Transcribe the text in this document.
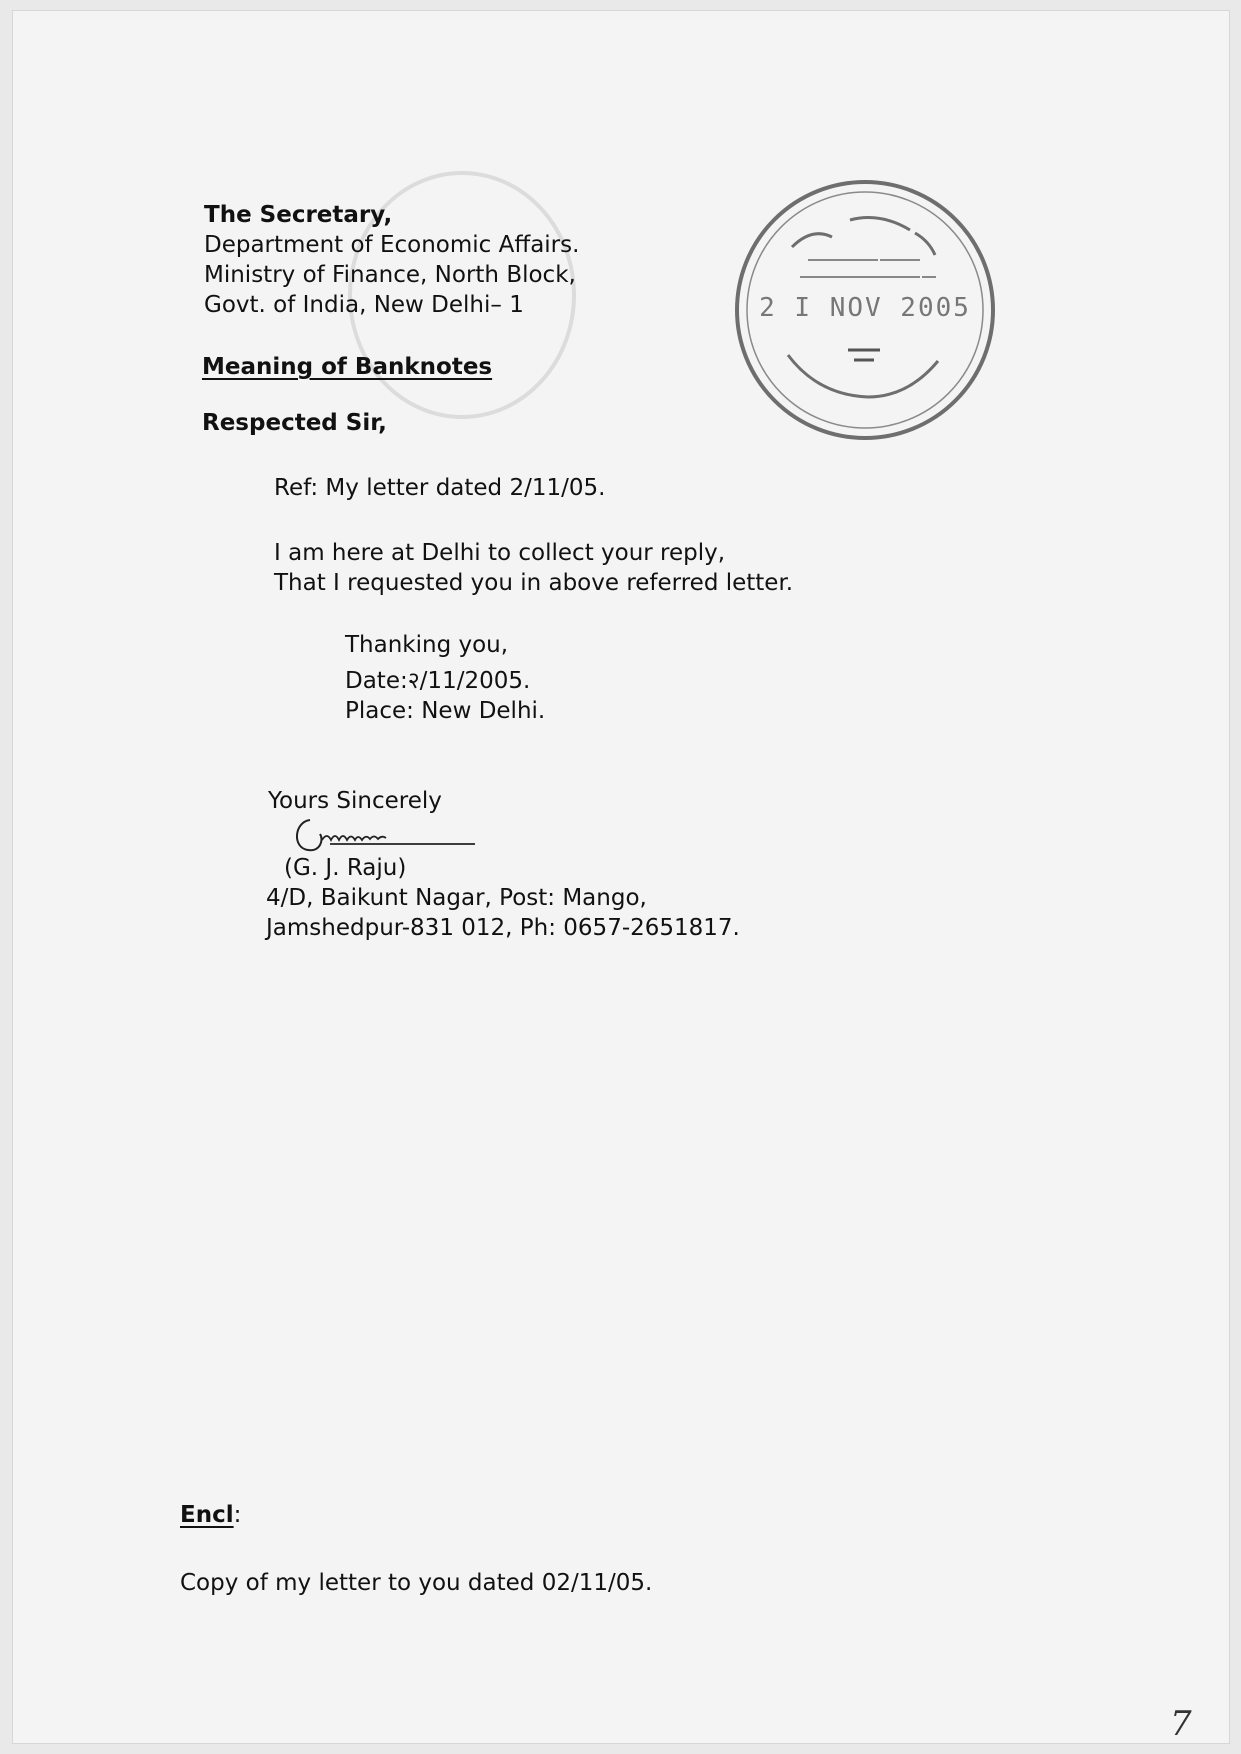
The Secretary,
Department of Economic Affairs.
Ministry of Finance, North Block,
Govt. of India, New Delhi– 1
Meaning of Banknotes
Respected Sir,
Ref: My letter dated 2/11/05.
I am here at Delhi to collect your reply,
That I requested you in above referred letter.
Thanking you,
Date:२/11/2005.
Place: New Delhi.
Yours Sincerely
(G. J. Raju)
4/D, Baikunt Nagar, Post: Mango,
Jamshedpur-831 012, Ph: 0657-2651817.
Encl:
Copy of my letter to you dated 02/11/05.
2 I NOV 2005
7
